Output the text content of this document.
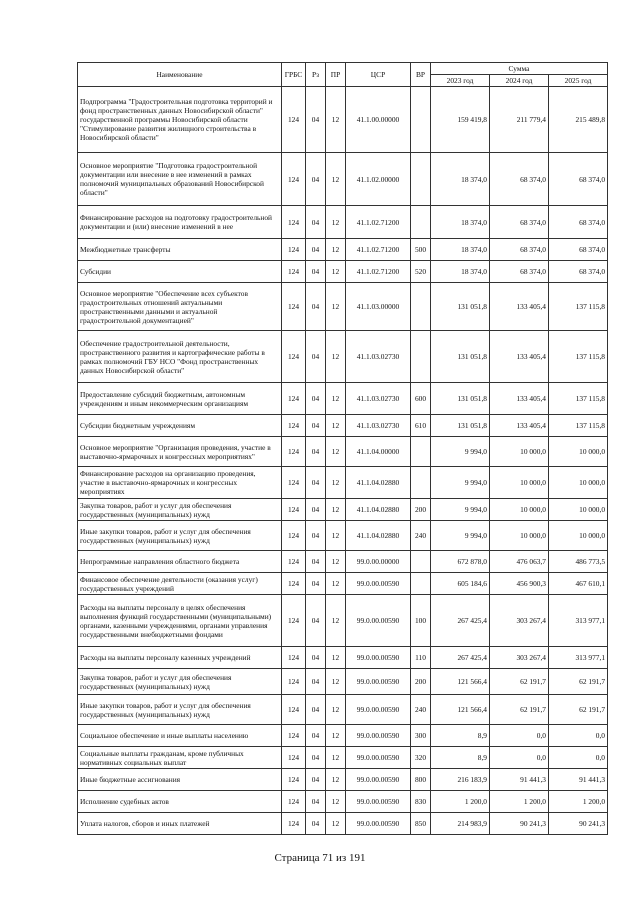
Наименование	ГРБС	Рз	ПР	ЦСР	ВР	Сумма		
						2023 год	2024 год	2025 год
Подпрограмма "Градостроительная подготовка территорий и фонд пространственных данных Новосибирской области" государственной программы Новосибирской области "Стимулирование развития жилищного строительства в Новосибирской области"	124	04	12	41.1.00.00000		159 419,8	211 779,4	215 489,8
Основное мероприятие "Подготовка градостроительной документации или внесение в нее изменений в рамках полномочий муниципальных образований Новосибирской области"	124	04	12	41.1.02.00000		18 374,0	68 374,0	68 374,0
Финансирование расходов на подготовку градостроительной документации и (или) внесение изменений в нее	124	04	12	41.1.02.71200		18 374,0	68 374,0	68 374,0
Межбюджетные трансферты	124	04	12	41.1.02.71200	500	18 374,0	68 374,0	68 374,0
Субсидии	124	04	12	41.1.02.71200	520	18 374,0	68 374,0	68 374,0
Основное мероприятие "Обеспечение всех субъектов градостроительных отношений актуальными пространственными данными и актуальной градостроительной документацией"	124	04	12	41.1.03.00000		131 051,8	133 405,4	137 115,8
Обеспечение градостроительной деятельности, пространственного развития и картографические работы в рамках полномочий ГБУ НСО "Фонд пространственных данных Новосибирской области"	124	04	12	41.1.03.02730		131 051,8	133 405,4	137 115,8
Предоставление субсидий бюджетным, автономным учреждениям и иным некоммерческим организациям	124	04	12	41.1.03.02730	600	131 051,8	133 405,4	137 115,8
Субсидии бюджетным учреждениям	124	04	12	41.1.03.02730	610	131 051,8	133 405,4	137 115,8
Основное мероприятие "Организация проведения, участие в выставочно-ярмарочных и конгрессных мероприятиях"	124	04	12	41.1.04.00000		9 994,0	10 000,0	10 000,0
Финансирование расходов на организацию проведения, участие в выставочно-ярмарочных и конгрессных мероприятиях	124	04	12	41.1.04.02880		9 994,0	10 000,0	10 000,0
Закупка товаров, работ и услуг для обеспечения государственных (муниципальных) нужд	124	04	12	41.1.04.02880	200	9 994,0	10 000,0	10 000,0
Иные закупки товаров, работ и услуг для обеспечения государственных (муниципальных) нужд	124	04	12	41.1.04.02880	240	9 994,0	10 000,0	10 000,0
Непрограммные направления областного бюджета	124	04	12	99.0.00.00000		672 878,0	476 063,7	486 773,5
Финансовое обеспечение деятельности (оказания услуг) государственных учреждений	124	04	12	99.0.00.00590		605 184,6	456 900,3	467 610,1
Расходы на выплаты персоналу в целях обеспечения выполнения функций государственными (муниципальными) органами, казенными учреждениями, органами управления государственными внебюджетными фондами	124	04	12	99.0.00.00590	100	267 425,4	303 267,4	313 977,1
Расходы на выплаты персоналу казенных учреждений	124	04	12	99.0.00.00590	110	267 425,4	303 267,4	313 977,1
Закупка товаров, работ и услуг для обеспечения государственных (муниципальных) нужд	124	04	12	99.0.00.00590	200	121 566,4	62 191,7	62 191,7
Иные закупки товаров, работ и услуг для обеспечения государственных (муниципальных) нужд	124	04	12	99.0.00.00590	240	121 566,4	62 191,7	62 191,7
Социальное обеспечение и иные выплаты населению	124	04	12	99.0.00.00590	300	8,9	0,0	0,0
Социальные выплаты гражданам, кроме публичных нормативных социальных выплат	124	04	12	99.0.00.00590	320	8,9	0,0	0,0
Иные бюджетные ассигнования	124	04	12	99.0.00.00590	800	216 183,9	91 441,3	91 441,3
Исполнение судебных актов	124	04	12	99.0.00.00590	830	1 200,0	1 200,0	1 200,0
Уплата налогов, сборов и иных платежей	124	04	12	99.0.00.00590	850	214 983,9	90 241,3	90 241,3
Страница 71 из 191
